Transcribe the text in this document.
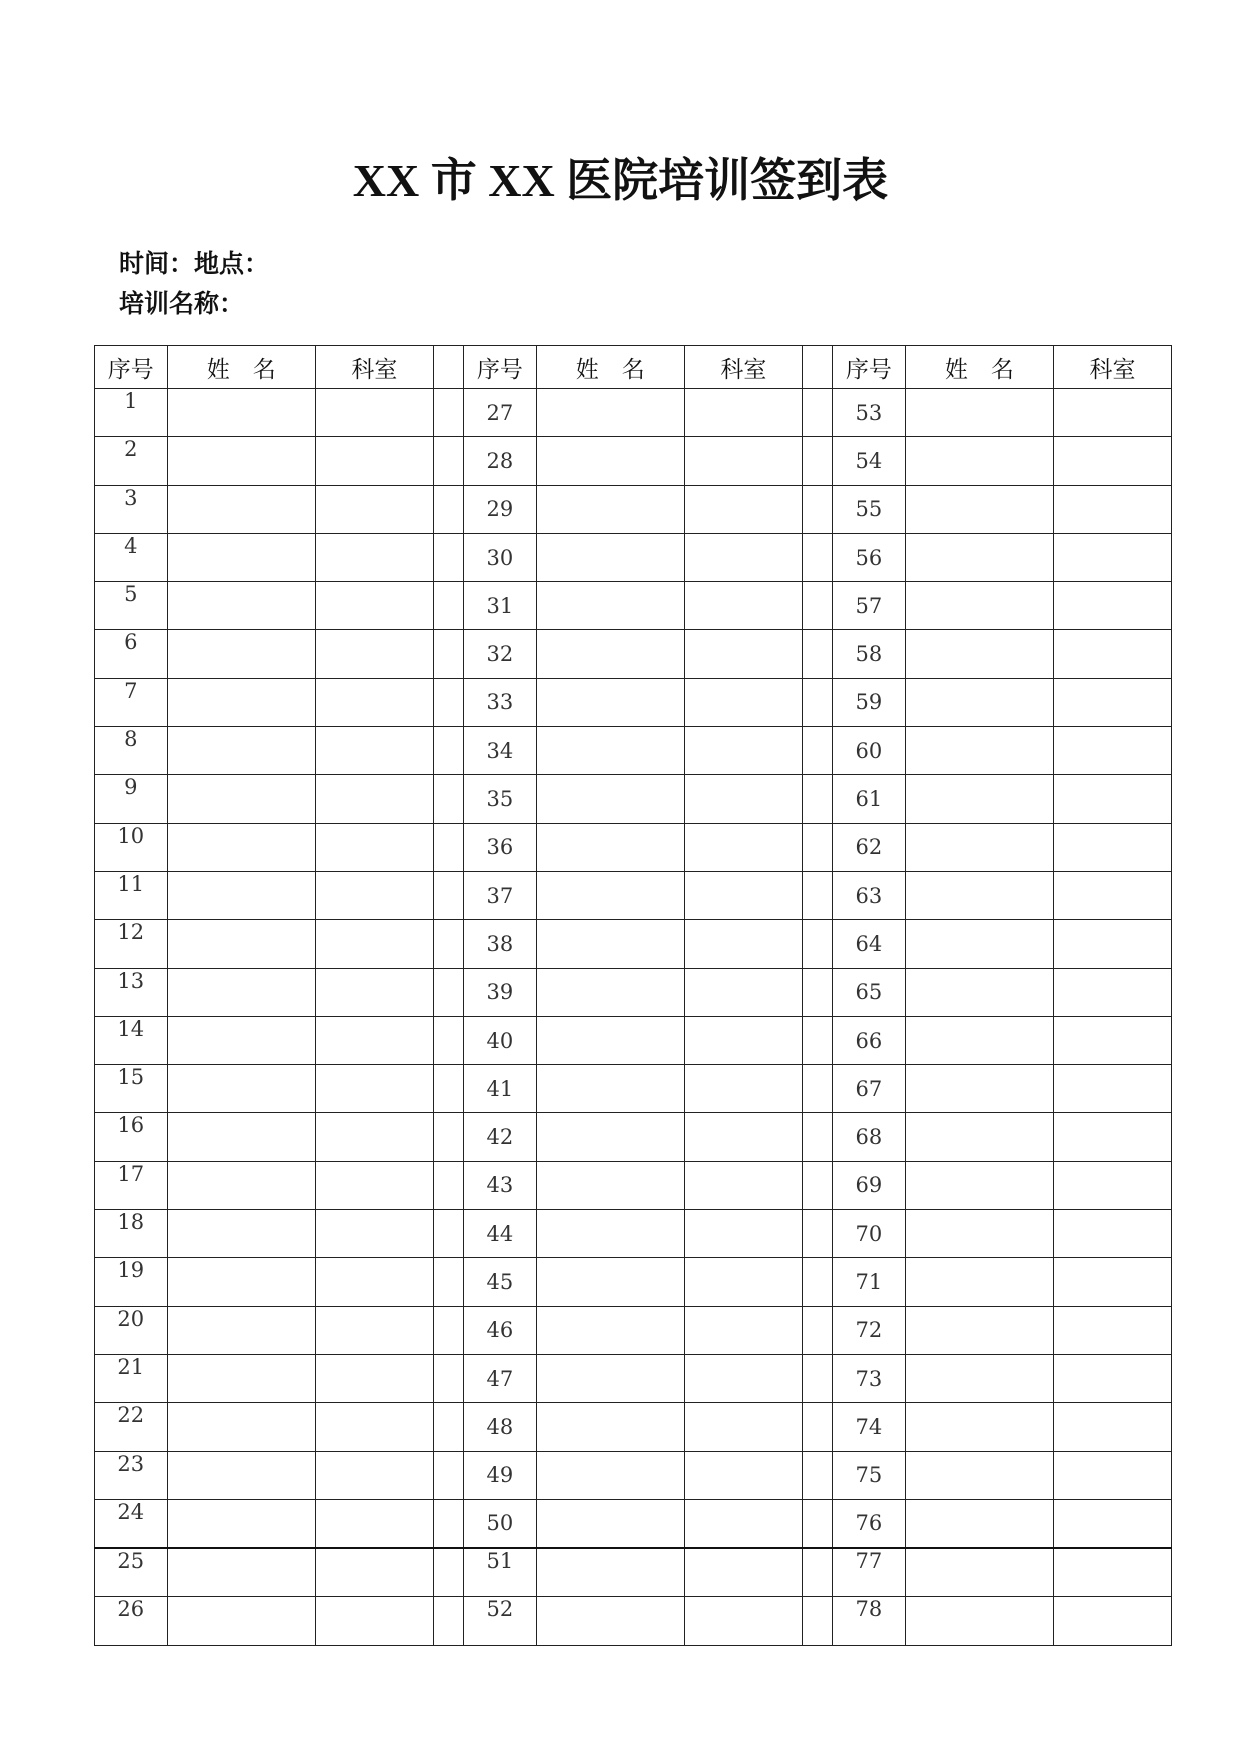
XX 市 XX 医院培训签到表
时间：地点：
培训名称：
序号	姓　名	科室		序号	姓　名	科室		序号	姓　名	科室
1				27				53		
2				28				54		
3				29				55		
4				30				56		
5				31				57		
6				32				58		
7				33				59		
8				34				60		
9				35				61		
10				36				62		
11				37				63		
12				38				64		
13				39				65		
14				40				66		
15				41				67		
16				42				68		
17				43				69		
18				44				70		
19				45				71		
20				46				72		
21				47				73		
22				48				74		
23				49				75		
24				50				76		
25				51				77		
26				52				78		
